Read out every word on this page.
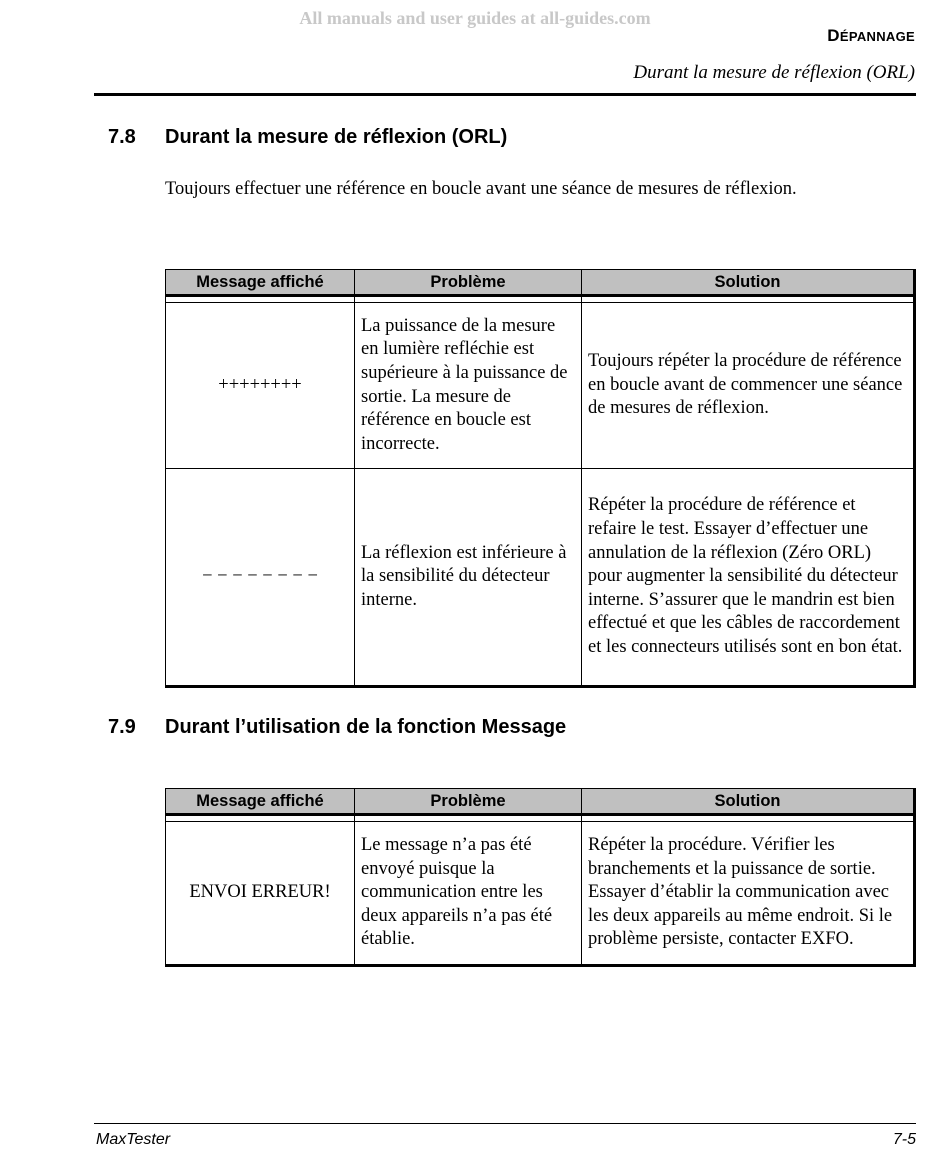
All manuals and user guides at all-guides.com
DÉPANNAGE
Durant la mesure de réflexion (ORL)
7.8 Durant la mesure de réflexion (ORL)
Toujours effectuer une référence en boucle avant une séance de mesures de réflexion.
Message affiché	Problème	Solution

++++++++	La puissance de la mesure en lumière refléchie est supérieure à la puissance de sortie. La mesure de référence en boucle est incorrecte.	Toujours répéter la procédure de référence en boucle avant de commencer une séance de mesures de réflexion.
− − − − − − − −	La réflexion est inférieure à la sensibilité du détecteur interne.	Répéter la procédure de référence et refaire le test. Essayer d’effectuer une annulation de la réflexion (Zéro ORL) pour augmenter la sensibilité du détecteur interne. S’assurer que le mandrin est bien effectué et que les câbles de raccordement et les connecteurs utilisés sont en bon état.
7.9 Durant l’utilisation de la fonction Message
Message affiché	Problème	Solution

ENVOI ERREUR!	Le message n’a pas été envoyé puisque la communication entre les deux appareils n’a pas été établie.	Répéter la procédure. Vérifier les branchements et la puissance de sortie. Essayer d’établir la communication avec les deux appareils au même endroit. Si le problème persiste, contacter EXFO.
MaxTester	7-5
